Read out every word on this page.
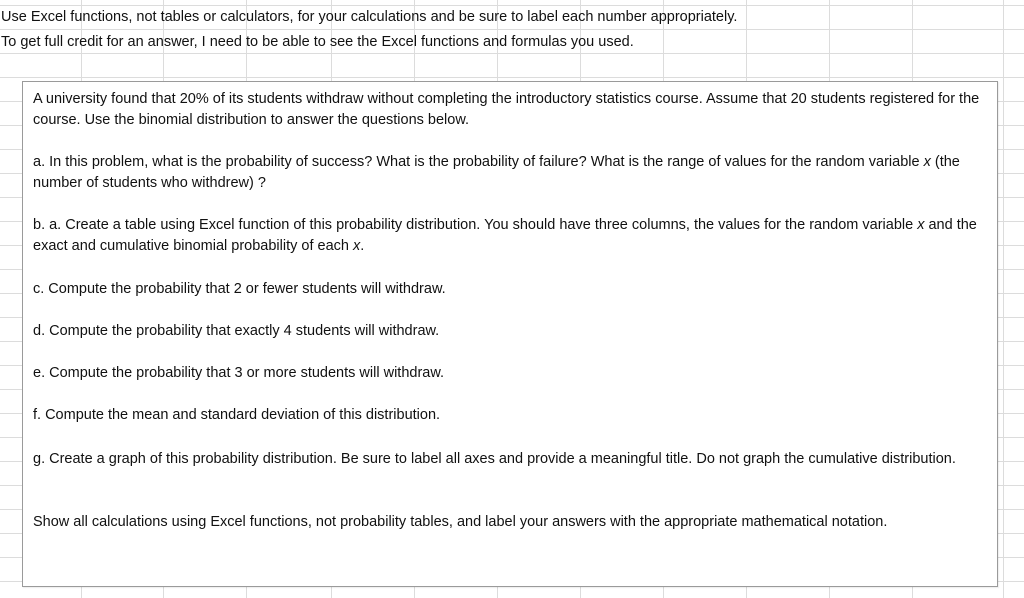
Use Excel functions, not tables or calculators, for your calculations and be sure to label each number appropriately.
To get full credit for an answer, I need to be able to see the Excel functions and formulas you used.
A university found that 20% of its students withdraw without completing the introductory statistics course. Assume that 20 students registered for the course. Use the binomial distribution to answer the questions below.
a. In this problem, what is the probability of success? What is the probability of failure? What is the range of values for the random variable x (the number of students who withdrew) ?
b. a. Create a table using Excel function of this probability distribution. You should have three columns, the values for the random variable x and the exact and cumulative binomial probability of each x.
c. Compute the probability that 2 or fewer students will withdraw.
d. Compute the probability that exactly 4 students will withdraw.
e. Compute the probability that 3 or more students will withdraw.
f. Compute the mean and standard deviation of this distribution.
g. Create a graph of this probability distribution. Be sure to label all axes and provide a meaningful title. Do not graph the cumulative distribution.
Show all calculations using Excel functions, not probability tables, and label your answers with the appropriate mathematical notation.
